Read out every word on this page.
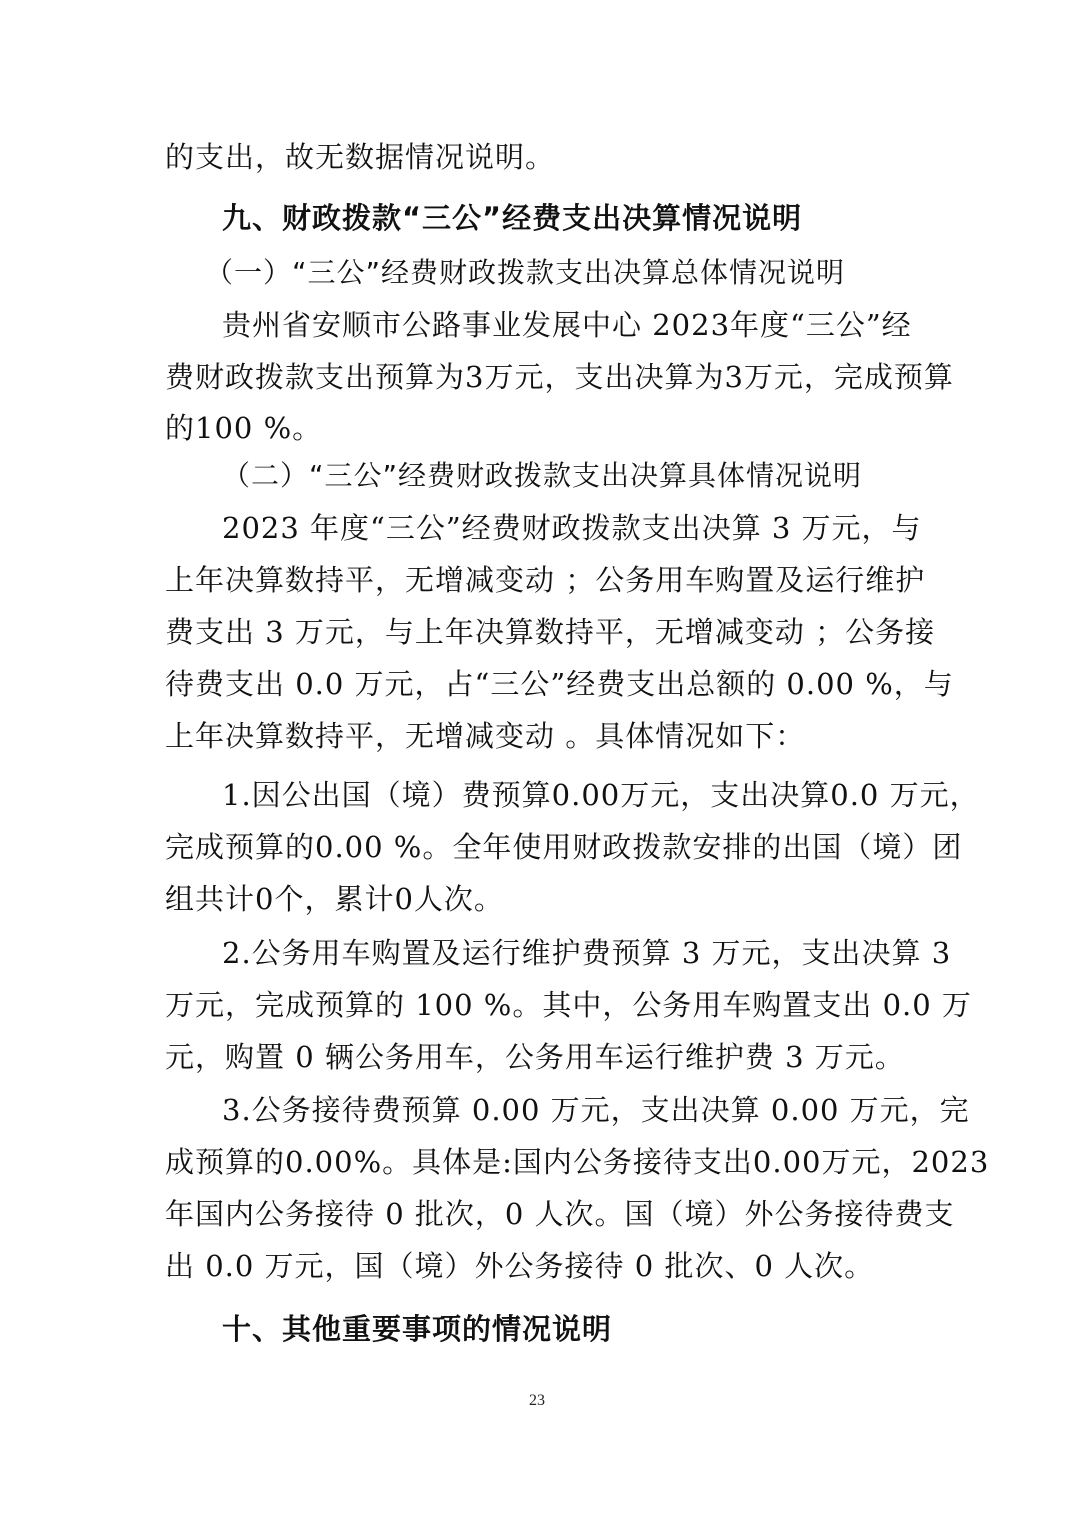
的支出，故无数据情况说明。
九、财政拨款“三公”经费支出决算情况说明
（一）“三公”经费财政拨款支出决算总体情况说明
贵州省安顺市公路事业发展中心 2023年度“三公”经
费财政拨款支出预算为3万元，支出决算为3万元，完成预算
的100 %。
（二）“三公”经费财政拨款支出决算具体情况说明
2023 年度“三公”经费财政拨款支出决算 3 万元，与
上年决算数持平，无增减变动 ；公务用车购置及运行维护
费支出 3 万元，与上年决算数持平，无增减变动 ；公务接
待费支出 0.0 万元，占“三公”经费支出总额的 0.00 %，与
上年决算数持平，无增减变动 。具体情况如下：
1.因公出国（境）费预算0.00万元，支出决算0.0 万元，
完成预算的0.00 %。全年使用财政拨款安排的出国（境）团
组共计0个，累计0人次。
2.公务用车购置及运行维护费预算 3 万元，支出决算 3
万元，完成预算的 100 %。其中，公务用车购置支出 0.0 万
元，购置 0 辆公务用车，公务用车运行维护费 3 万元。
3.公务接待费预算 0.00 万元，支出决算 0.00 万元，完
成预算的0.00%。具体是:国内公务接待支出0.00万元，2023
年国内公务接待 0 批次，0 人次。国（境）外公务接待费支
出 0.0 万元，国（境）外公务接待 0 批次、0 人次。
十、其他重要事项的情况说明
23
